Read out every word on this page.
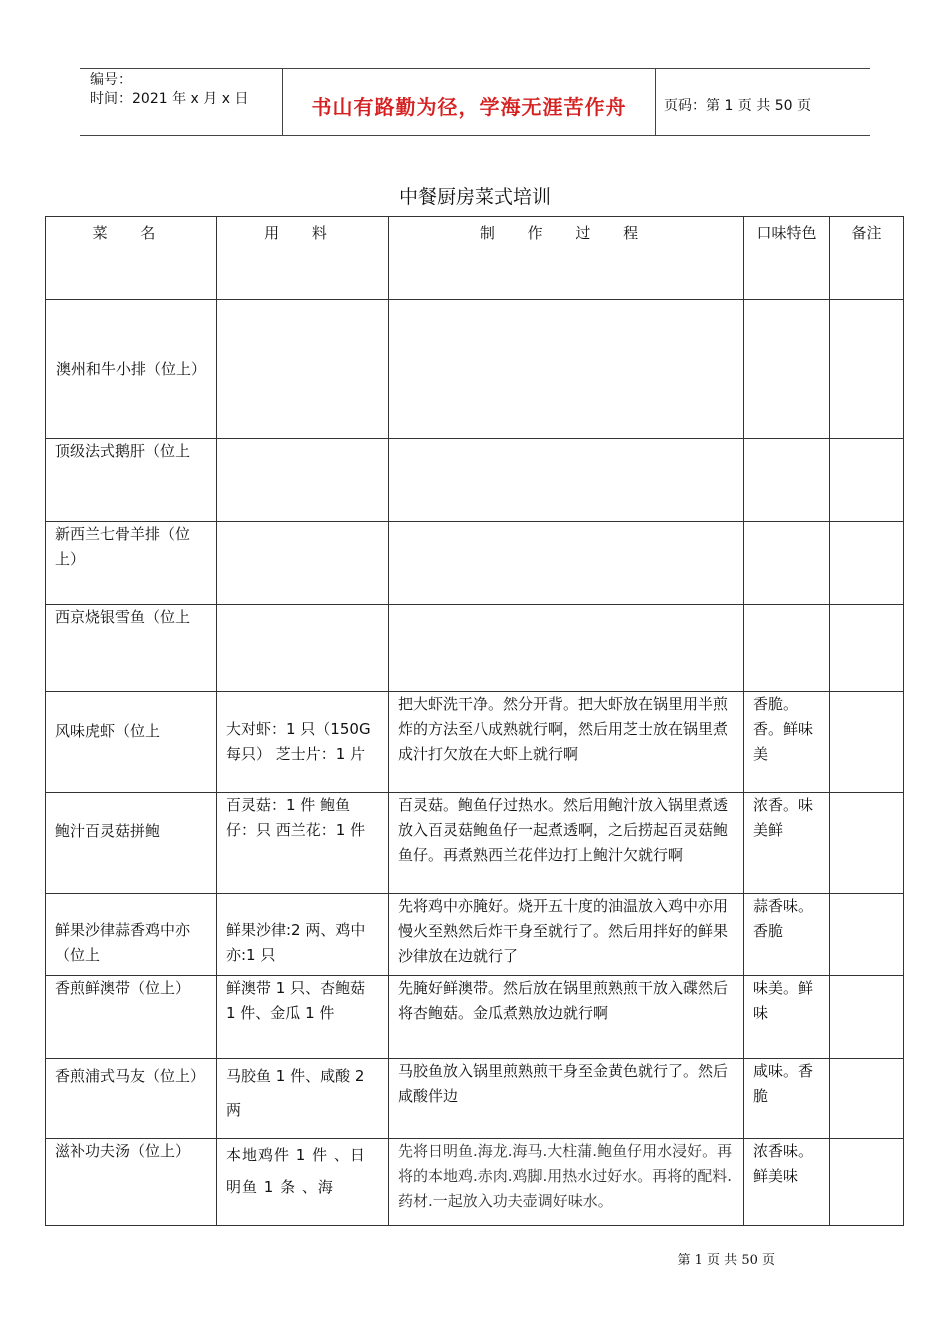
编号：
时间：2021 年 x 月 x 日	书山有路勤为径，学海无涯苦作舟	页码：第 1 页 共 50 页
中餐厨房菜式培训
菜 名	用 料	制 作 过 程	口味特色	备注

澳州和牛小排（位上）				

顶级法式鹅肝（位上				
新西兰七骨羊排（位上）				
西京烧银雪鱼（位上				
风味虎虾（位上	大对虾：1 只（150G 每只） 芝士片：1 片	把大虾洗干净。然分开背。把大虾放在锅里用半煎炸的方法至八成熟就行啊，然后用芝士放在锅里煮成汁打欠放在大虾上就行啊	香脆。香。鲜味美	
鲍汁百灵菇拼鲍	百灵菇：1 件 鲍鱼仔：只 西兰花：1 件	百灵菇。鲍鱼仔过热水。然后用鲍汁放入锅里煮透放入百灵菇鲍鱼仔一起煮透啊，之后捞起百灵菇鲍鱼仔。再煮熟西兰花伴边打上鲍汁欠就行啊	浓香。味美鲜	
鲜果沙律蒜香鸡中亦（位上	鲜果沙律:2 两、鸡中亦:1 只	先将鸡中亦腌好。烧开五十度的油温放入鸡中亦用慢火至熟然后炸干身至就行了。然后用拌好的鲜果沙律放在边就行了	蒜香味。香脆	
香煎鲜澳带（位上）	鲜澳带 1 只、杏鲍菇 1 件、金瓜 1 件	先腌好鲜澳带。然后放在锅里煎熟煎干放入碟然后将杏鲍菇。金瓜煮熟放边就行啊	味美。鲜味	
香煎浦式马友（位上）	马胶鱼 1 件、咸酸 2 两	马胶鱼放入锅里煎熟煎干身至金黄色就行了。然后咸酸伴边	咸味。香脆	
滋补功夫汤（位上）	本地鸡件 1 件 、日明鱼 1 条 、海	先将日明鱼.海龙.海马.大柱蒲.鲍鱼仔用水浸好。再将的本地鸡.赤肉.鸡脚.用热水过好水。再将的配料.药材.一起放入功夫壶调好味水。	浓香味。鲜美味	
第 1 页 共 50 页
